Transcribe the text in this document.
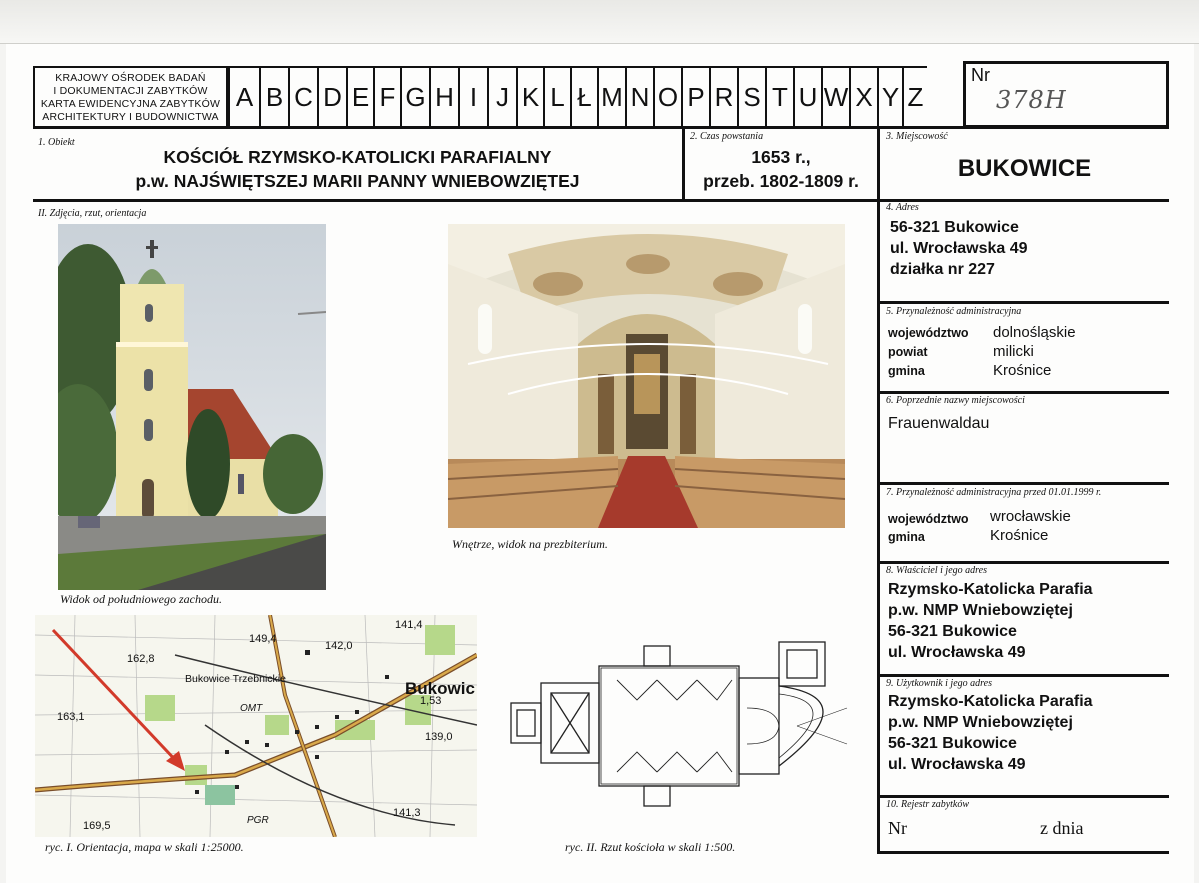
KRAJOWY OŚRODEK BADAŃ
I DOKUMENTACJI ZABYTKÓW
KARTA EWIDENCYJNA ZABYTKÓW
ARCHITEKTURY I BUDOWNICTWA
A B C D E F G H I J K L Ł M N O P R S T U W X Y Z
Nr
378H
1. Obiekt
KOŚCIÓŁ RZYMSKO-KATOLICKI PARAFIALNY
p.w. NAJŚWIĘTSZEJ MARII PANNY WNIEBOWZIĘTEJ
2. Czas powstania
1653 r.,
przeb. 1802-1809 r.
3. Miejscowość
BUKOWICE
II. Zdjęcia, rzut, orientacja
Widok od południowego zachodu.
Wnętrze, widok na prezbiterium.
149,4
142,0
141,4
162,8
Bukowice Trzebnickie	Bukowic
1,53
163,1
OMT
139,0
169,5	PGR
141,3
ryc. I. Orientacja, mapa w skali 1:25000.	ryc. II. Rzut kościoła w skali 1:500.
4. Adres
56-321 Bukowice
ul. Wrocławska 49
działka nr 227
5. Przynależność administracyjna
województwo dolnośląskie
powiat	milicki
gmina	Krośnice
6. Poprzednie nazwy miejscowości
Frauenwaldau
7. Przynależność administracyjna przed 01.01.1999 r.
województwo wrocławskie
gmina	Krośnice
8. Właściciel i jego adres
Rzymsko-Katolicka Parafia
p.w. NMP Wniebowziętej
56-321 Bukowice
ul. Wrocławska 49
9. Użytkownik i jego adres
Rzymsko-Katolicka Parafia
p.w. NMP Wniebowziętej
56-321 Bukowice
ul. Wrocławska 49
10. Rejestr zabytków
Nr	z dnia
